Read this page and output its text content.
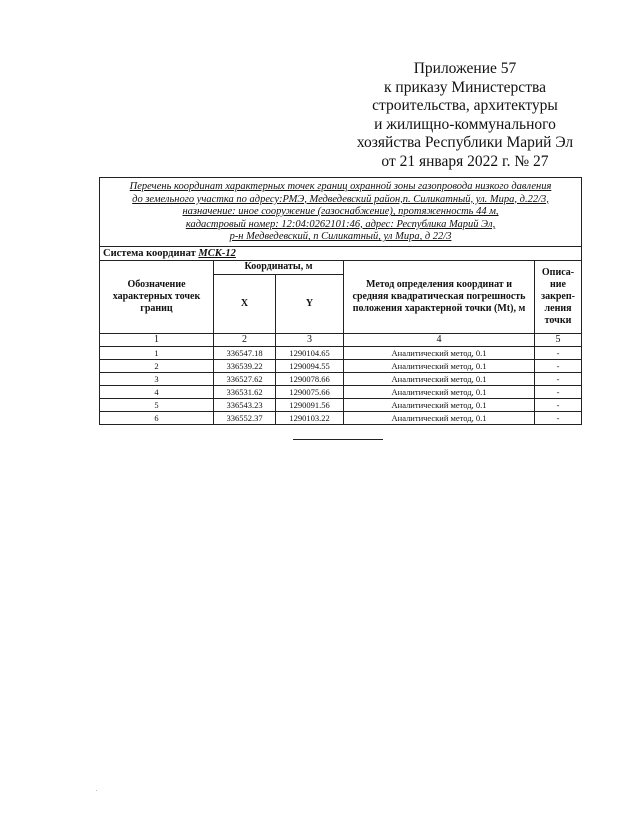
Приложение 57
к приказу Министерства
строительства, архитектуры
и жилищно-коммунального
хозяйства Республики Марий Эл
от 21 января 2022 г. № 27
Перечень координат характерных точек границ охранной зоны газопровода низкого давления
до земельного участка по адресу:РМЭ, Медведевский район,п. Силикатный, ул. Мира, д.22/3,
назначение: иное сооружение (газоснабжение), протяженность 44 м,
кадастровый номер: 12:04:0262101:46, адрес: Республика Марий Эл,
р-н Медведевский, п Силикатный, ул Мира, д 22/3				

Система координат МСК-12				
Обозначение характерных точек границ	Координаты, м		Метод определения координат и средняя квадратическая погрешность положения характерной точки (Mt), м	Описа-ние закреп-ления точки
	X	Y		
1	2	3	4	5
1	336547.18	1290104.65	Аналитический метод, 0.1	-
2	336539.22	1290094.55	Аналитический метод, 0.1	-
3	336527.62	1290078.66	Аналитический метод, 0.1	-
4	336531.62	1290075.66	Аналитический метод, 0.1	-
5	336543.23	1290091.56	Аналитический метод, 0.1	-
6	336552.37	1290103.22	Аналитический метод, 0.1	-
